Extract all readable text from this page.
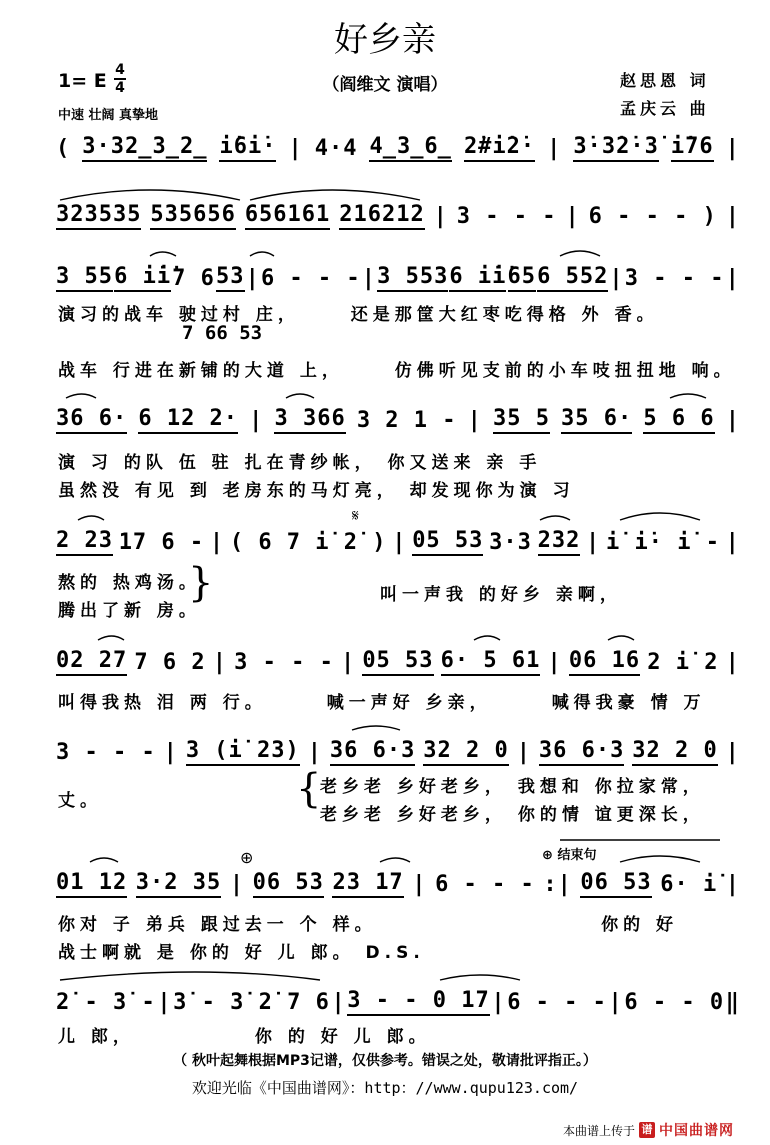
好乡亲
1= E 4
4	（阎维文 演唱）
中速 壮阔 真挚地
赵思恩 词
孟庆云 曲
( 3·32̲3̲2̲ i̇6i̇· | 4·4 4̲3̲6̲ 2̇#i̇2̇· | 3̇·3̇2̇·3̇ i̇76 |
323535 535656 656161 216212 | 3 - - - | 6 - - - ) |
3 55 6 i̇i̇ 7 6 53 | 6 - - - | 3 553 6 i̇i̇ 65 6 552 | 3 - - - |
演习的战车 驶过村 庄，	还是那筐大红枣吃得格 外 香。
7 66 53
战车 行进在新铺的大道 上，	仿佛听见支前的小车吱扭扭地 响。
36 6· 6 12 2· | 3 366 3 2 1 - | 35 5 35 6· 5 6 6 |
演 习 的队 伍 驻 扎在青纱帐， 你又送来 亲 手
虽然没 有见 到 老房东的马灯亮， 却发现你为演 习
𝄋
2 23 17 6 - | ( 6 7 i̇ 2̇ ) | 05 53 3·3 232 | i̇ i̇· i̇ - |
熬的 热鸡汤。
腾出了新 房。
}	叫一声我 的好乡 亲啊，
02 27 7 6 2 | 3 - - - | 05 53 6· 5 61 | 06 16 2 i̇ 2 |
叫得我热 泪 两 行。	喊一声好 乡亲，	喊得我豪 情 万
3 - - - | 3 (i̇ 23) | 36 6·3 32 2 0 | 36 6·3 32 2 0 |
丈。	{
老乡老 乡好老乡， 我想和 你拉家常，
老乡老 乡好老乡， 你的情 谊更深长，
⊕	⊕ 结束句
01 12 3·2 35 | 06 53 23 17 | 6 - - - :| 06 53 6· i̇ |
你对 子 弟兵 跟过去一 个 样。	你的 好
战士啊就 是 你的 好 儿 郎。 D.S.
2̇ - 3̇ - | 3̇ - 3̇ 2̇ 7 6 | 3 - - 0 17 | 6 - - - | 6 - - 0 ‖
儿 郎，	你 的 好 儿 郎。
（ 秋叶起舞根据MP3记谱，仅供参考。错误之处，敬请批评指正。）
欢迎光临《中国曲谱网》：http：//www.qupu123.com/
本曲谱上传于 谱 中国曲谱网
